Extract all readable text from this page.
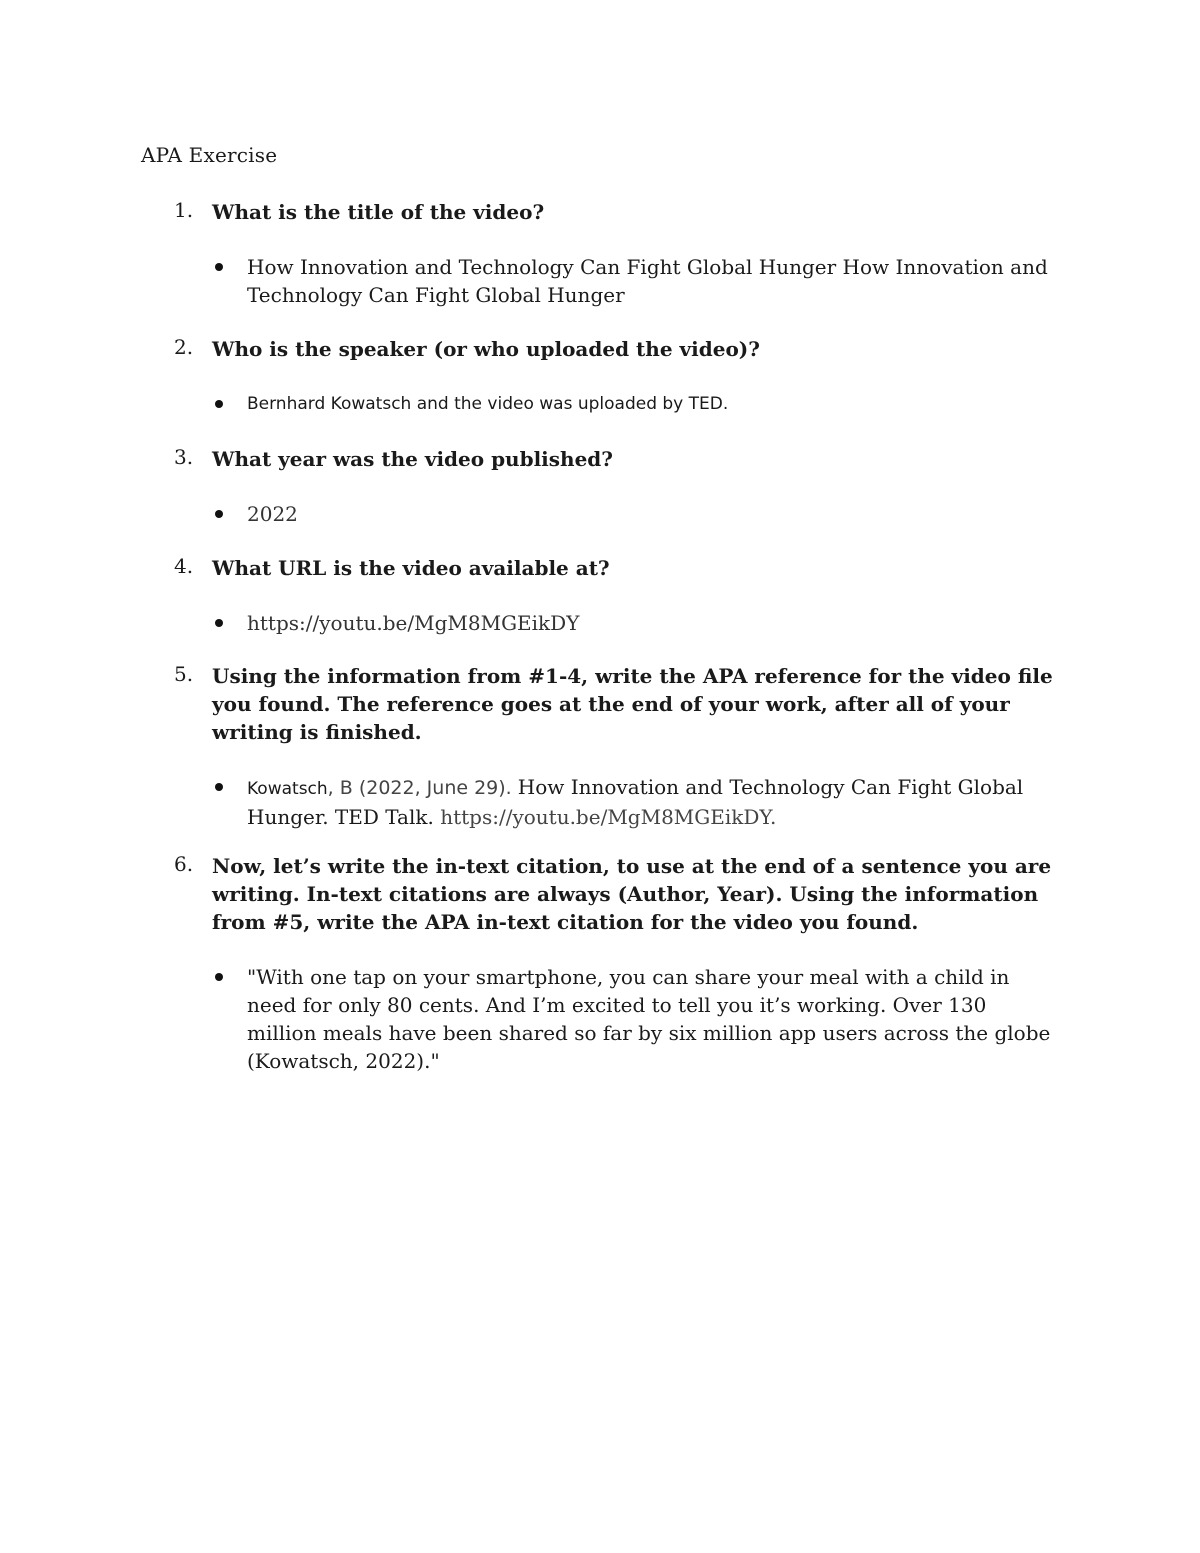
APA Exercise
1. What is the title of the video?
How Innovation and Technology Can Fight Global Hunger How Innovation and Technology Can Fight Global Hunger
2. Who is the speaker (or who uploaded the video)?
Bernhard Kowatsch and the video was uploaded by TED.
3. What year was the video published?
2022
4. What URL is the video available at?
https://youtu.be/MgM8MGEikDY
5. Using the information from #1-4, write the APA reference for the video file you found. The reference goes at the end of your work, after all of your writing is finished.
Kowatsch, B (2022, June 29). How Innovation and Technology Can Fight Global Hunger. TED Talk. https://youtu.be/MgM8MGEikDY.
6. Now, let’s write the in-text citation, to use at the end of a sentence you are writing. In-text citations are always (Author, Year). Using the information from #5, write the APA in-text citation for the video you found.
"With one tap on your smartphone, you can share your meal with a child in need for only 80 cents. And I’m excited to tell you it’s working. Over 130 million meals have been shared so far by six million app users across the globe (Kowatsch, 2022)."
